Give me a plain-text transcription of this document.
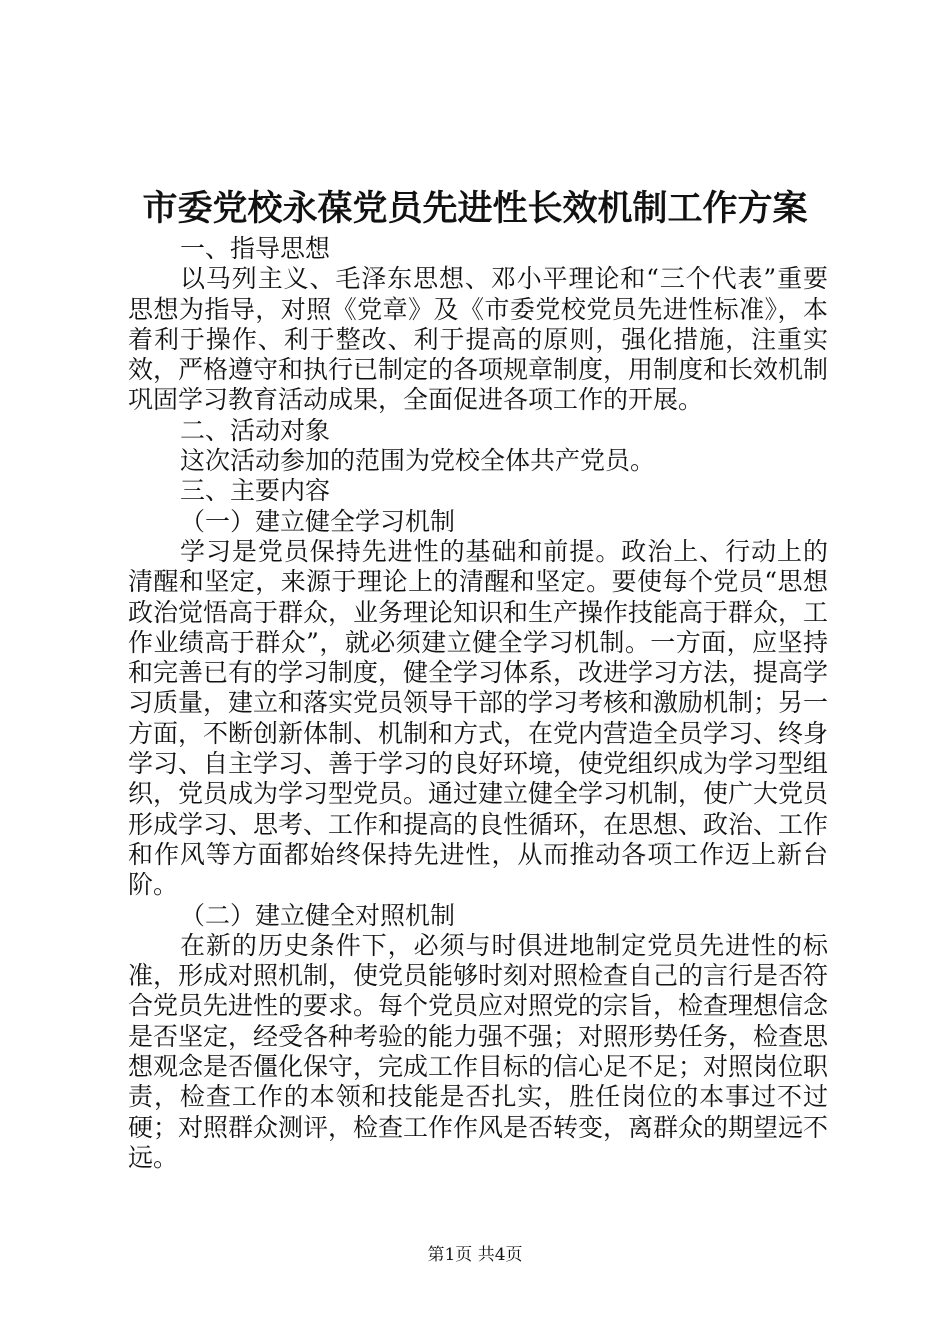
市委党校永葆党员先进性长效机制工作方案

一、指导思想

以马列主义、毛泽东思想、邓小平理论和“三个代表”重要思想为指导，对照《党章》及《市委党校党员先进性标准》，本着利于操作、利于整改、利于提高的原则，强化措施，注重实效，严格遵守和执行已制定的各项规章制度，用制度和长效机制巩固学习教育活动成果，全面促进各项工作的开展。

二、活动对象

这次活动参加的范围为党校全体共产党员。

三、主要内容

（一）建立健全学习机制

学习是党员保持先进性的基础和前提。政治上、行动上的清醒和坚定，来源于理论上的清醒和坚定。要使每个党员“思想政治觉悟高于群众，业务理论知识和生产操作技能高于群众，工作业绩高于群众”，就必须建立健全学习机制。一方面，应坚持和完善已有的学习制度，健全学习体系，改进学习方法，提高学习质量，建立和落实党员领导干部的学习考核和激励机制；另一方面，不断创新体制、机制和方式，在党内营造全员学习、终身学习、自主学习、善于学习的良好环境，使党组织成为学习型组织，党员成为学习型党员。通过建立健全学习机制，使广大党员形成学习、思考、工作和提高的良性循环，在思想、政治、工作和作风等方面都始终保持先进性，从而推动各项工作迈上新台阶。

（二）建立健全对照机制

在新的历史条件下，必须与时俱进地制定党员先进性的标准，形成对照机制，使党员能够时刻对照检查自己的言行是否符合党员先进性的要求。每个党员应对照党的宗旨，检查理想信念是否坚定，经受各种考验的能力强不强；对照形势任务，检查思想观念是否僵化保守，完成工作目标的信心足不足；对照岗位职责，检查工作的本领和技能是否扎实，胜任岗位的本事过不过硬；对照群众测评，检查工作作风是否转变，离群众的期望远不远。

第1页 共4页
